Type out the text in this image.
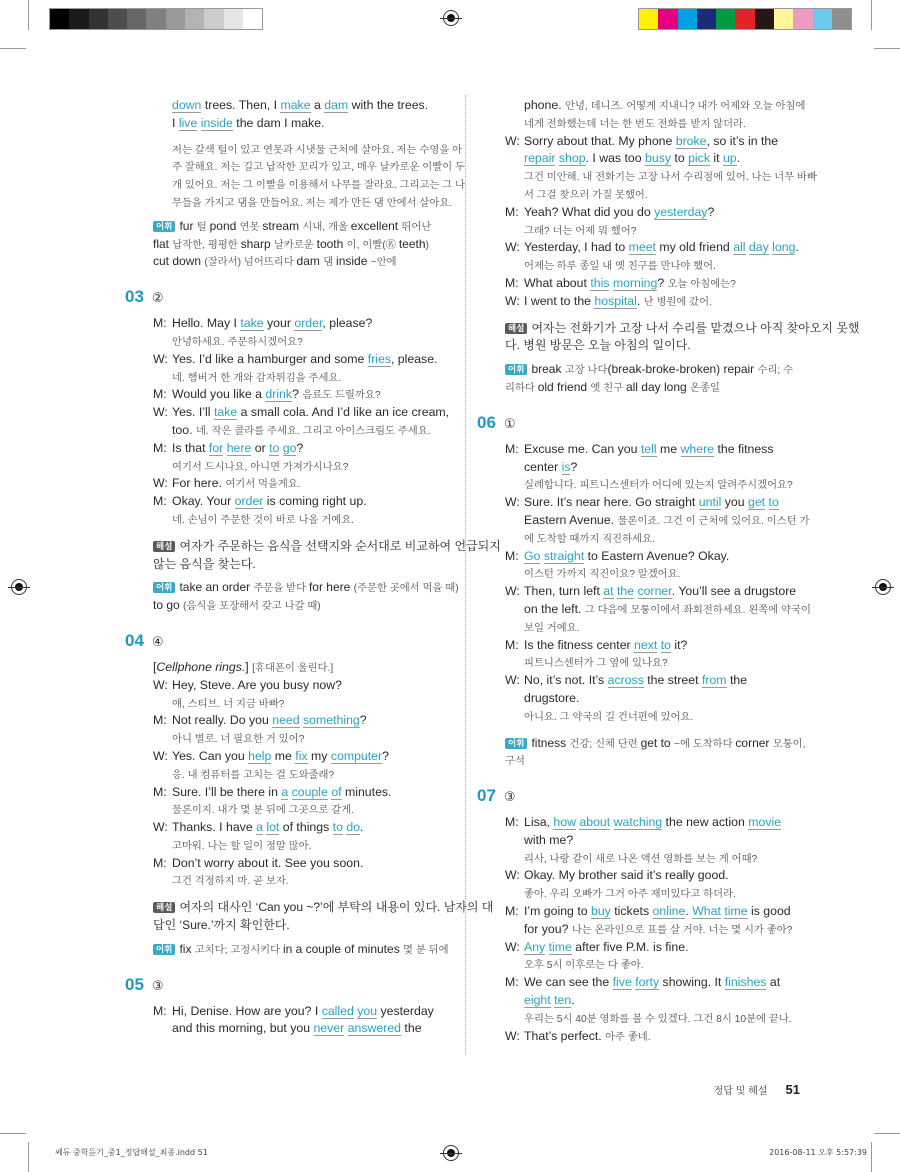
down trees. Then, I make a dam with the trees.
I live inside the dam I make.
저는 갈색 털이 있고 연못과 시냇물 근처에 살아요. 저는 수영을 아
주 잘해요. 저는 길고 납작한 꼬리가 있고, 매우 날카로운 이빨이 두
개 있어요. 저는 그 이빨을 이용해서 나무를 잘라요. 그리고는 그 나
무들을 가지고 댐을 만들어요. 저는 제가 만든 댐 안에서 살아요.
어휘 fur 털 pond 연못 stream 시내, 개울 excellent 뛰어난
flat 납작한, 평평한 sharp 날카로운 tooth 이, 이빨(㊔ teeth)
cut down (잘라서) 넘어뜨리다 dam 댐 inside ~안에
03 ②
M: Hello. May I take your order, please?
안녕하세요. 주문하시겠어요?
W: Yes. I’d like a hamburger and some fries, please.
네. 햄버거 한 개와 감자튀김을 주세요.
M: Would you like a drink? 음료도 드릴까요?
W: Yes. I’ll take a small cola. And I’d like an ice cream,
too. 네. 작은 콜라를 주세요. 그리고 아이스크림도 주세요.
M: Is that for here or to go?
여기서 드시나요, 아니면 가져가시나요?
W: For here. 여기서 먹을게요.
M: Okay. Your order is coming right up.
네. 손님이 주문한 것이 바로 나올 거예요.
해설 여자가 주문하는 음식을 선택지와 순서대로 비교하여 언급되지
않는 음식을 찾는다.
어휘 take an order 주문을 받다 for here (주문한 곳에서 먹을 때)
to go (음식을 포장해서 갖고 나갈 때)
04 ④
[Cellphone rings.] [휴대폰이 울린다.]
W: Hey, Steve. Are you busy now?
얘, 스티브. 너 지금 바빠?
M: Not really. Do you need something?
아니 별로. 너 필요한 거 있어?
W: Yes. Can you help me fix my computer?
응. 내 컴퓨터를 고치는 걸 도와줄래?
M: Sure. I’ll be there in a couple of minutes.
물론이지. 내가 몇 분 뒤에 그곳으로 갈게.
W: Thanks. I have a lot of things to do.
고마워. 나는 할 일이 정말 많아.
M: Don’t worry about it. See you soon.
그건 걱정하지 마. 곧 보자.
해설 여자의 대사인 ‘Can you ~?’에 부탁의 내용이 있다. 남자의 대
답인 ‘Sure.’까지 확인한다.
어휘 fix 고치다; 고정시키다 in a couple of minutes 몇 분 뒤에
05 ③
M: Hi, Denise. How are you? I called you yesterday
and this morning, but you never answered the
phone. 안녕, 데니즈. 어떻게 지내니? 내가 어제와 오늘 아침에
네게 전화했는데 너는 한 번도 전화를 받지 않더라.
W: Sorry about that. My phone broke, so it’s in the
repair shop. I was too busy to pick it up.
그건 미안해. 내 전화기는 고장 나서 수리점에 있어. 나는 너무 바빠
서 그걸 찾으러 가질 못했어.
M: Yeah? What did you do yesterday?
그래? 너는 어제 뭐 했어?
W: Yesterday, I had to meet my old friend all day long.
어제는 하루 종일 내 옛 친구를 만나야 했어.
M: What about this morning? 오늘 아침에는?
W: I went to the hospital. 난 병원에 갔어.
해설 여자는 전화기가 고장 나서 수리를 맡겼으나 아직 찾아오지 못했
다. 병원 방문은 오늘 아침의 일이다.
어휘 break 고장 나다(break-broke-broken) repair 수리; 수
리하다 old friend 옛 친구 all day long 온종일
06 ①
M: Excuse me. Can you tell me where the fitness
center is?
실례합니다. 피트니스센터가 어디에 있는지 알려주시겠어요?
W: Sure. It’s near here. Go straight until you get to
Eastern Avenue. 물론이죠. 그건 이 근처에 있어요. 이스턴 가
에 도착할 때까지 직진하세요.
M: Go straight to Eastern Avenue? Okay.
이스턴 가까지 직진이요? 알겠어요.
W: Then, turn left at the corner. You’ll see a drugstore
on the left. 그 다음에 모퉁이에서 좌회전하세요. 왼쪽에 약국이
보일 거예요.
M: Is the fitness center next to it?
피트니스센터가 그 옆에 있나요?
W: No, it’s not. It’s across the street from the
drugstore.
아니요. 그 약국의 길 건너편에 있어요.
어휘 fitness 건강; 신체 단련 get to ~에 도착하다 corner 모퉁이,
구석
07 ③
M: Lisa, how about watching the new action movie
with me?
리사, 나랑 같이 새로 나온 액션 영화를 보는 게 어때?
W: Okay. My brother said it’s really good.
좋아. 우리 오빠가 그거 아주 재미있다고 하더라.
M: I’m going to buy tickets online. What time is good
for you? 나는 온라인으로 표를 살 거야. 너는 몇 시가 좋아?
W: Any time after five P.M. is fine.
오후 5시 이후로는 다 좋아.
M: We can see the five forty showing. It finishes at
eight ten.
우리는 5시 40분 영화를 볼 수 있겠다. 그건 8시 10분에 끝나.
W: That’s perfect. 아주 좋네.
정답 및 해설 51
쎄듀 중학듣기_중1_정답해설_최종.indd 51	2016-08-11 오후 5:57:39
